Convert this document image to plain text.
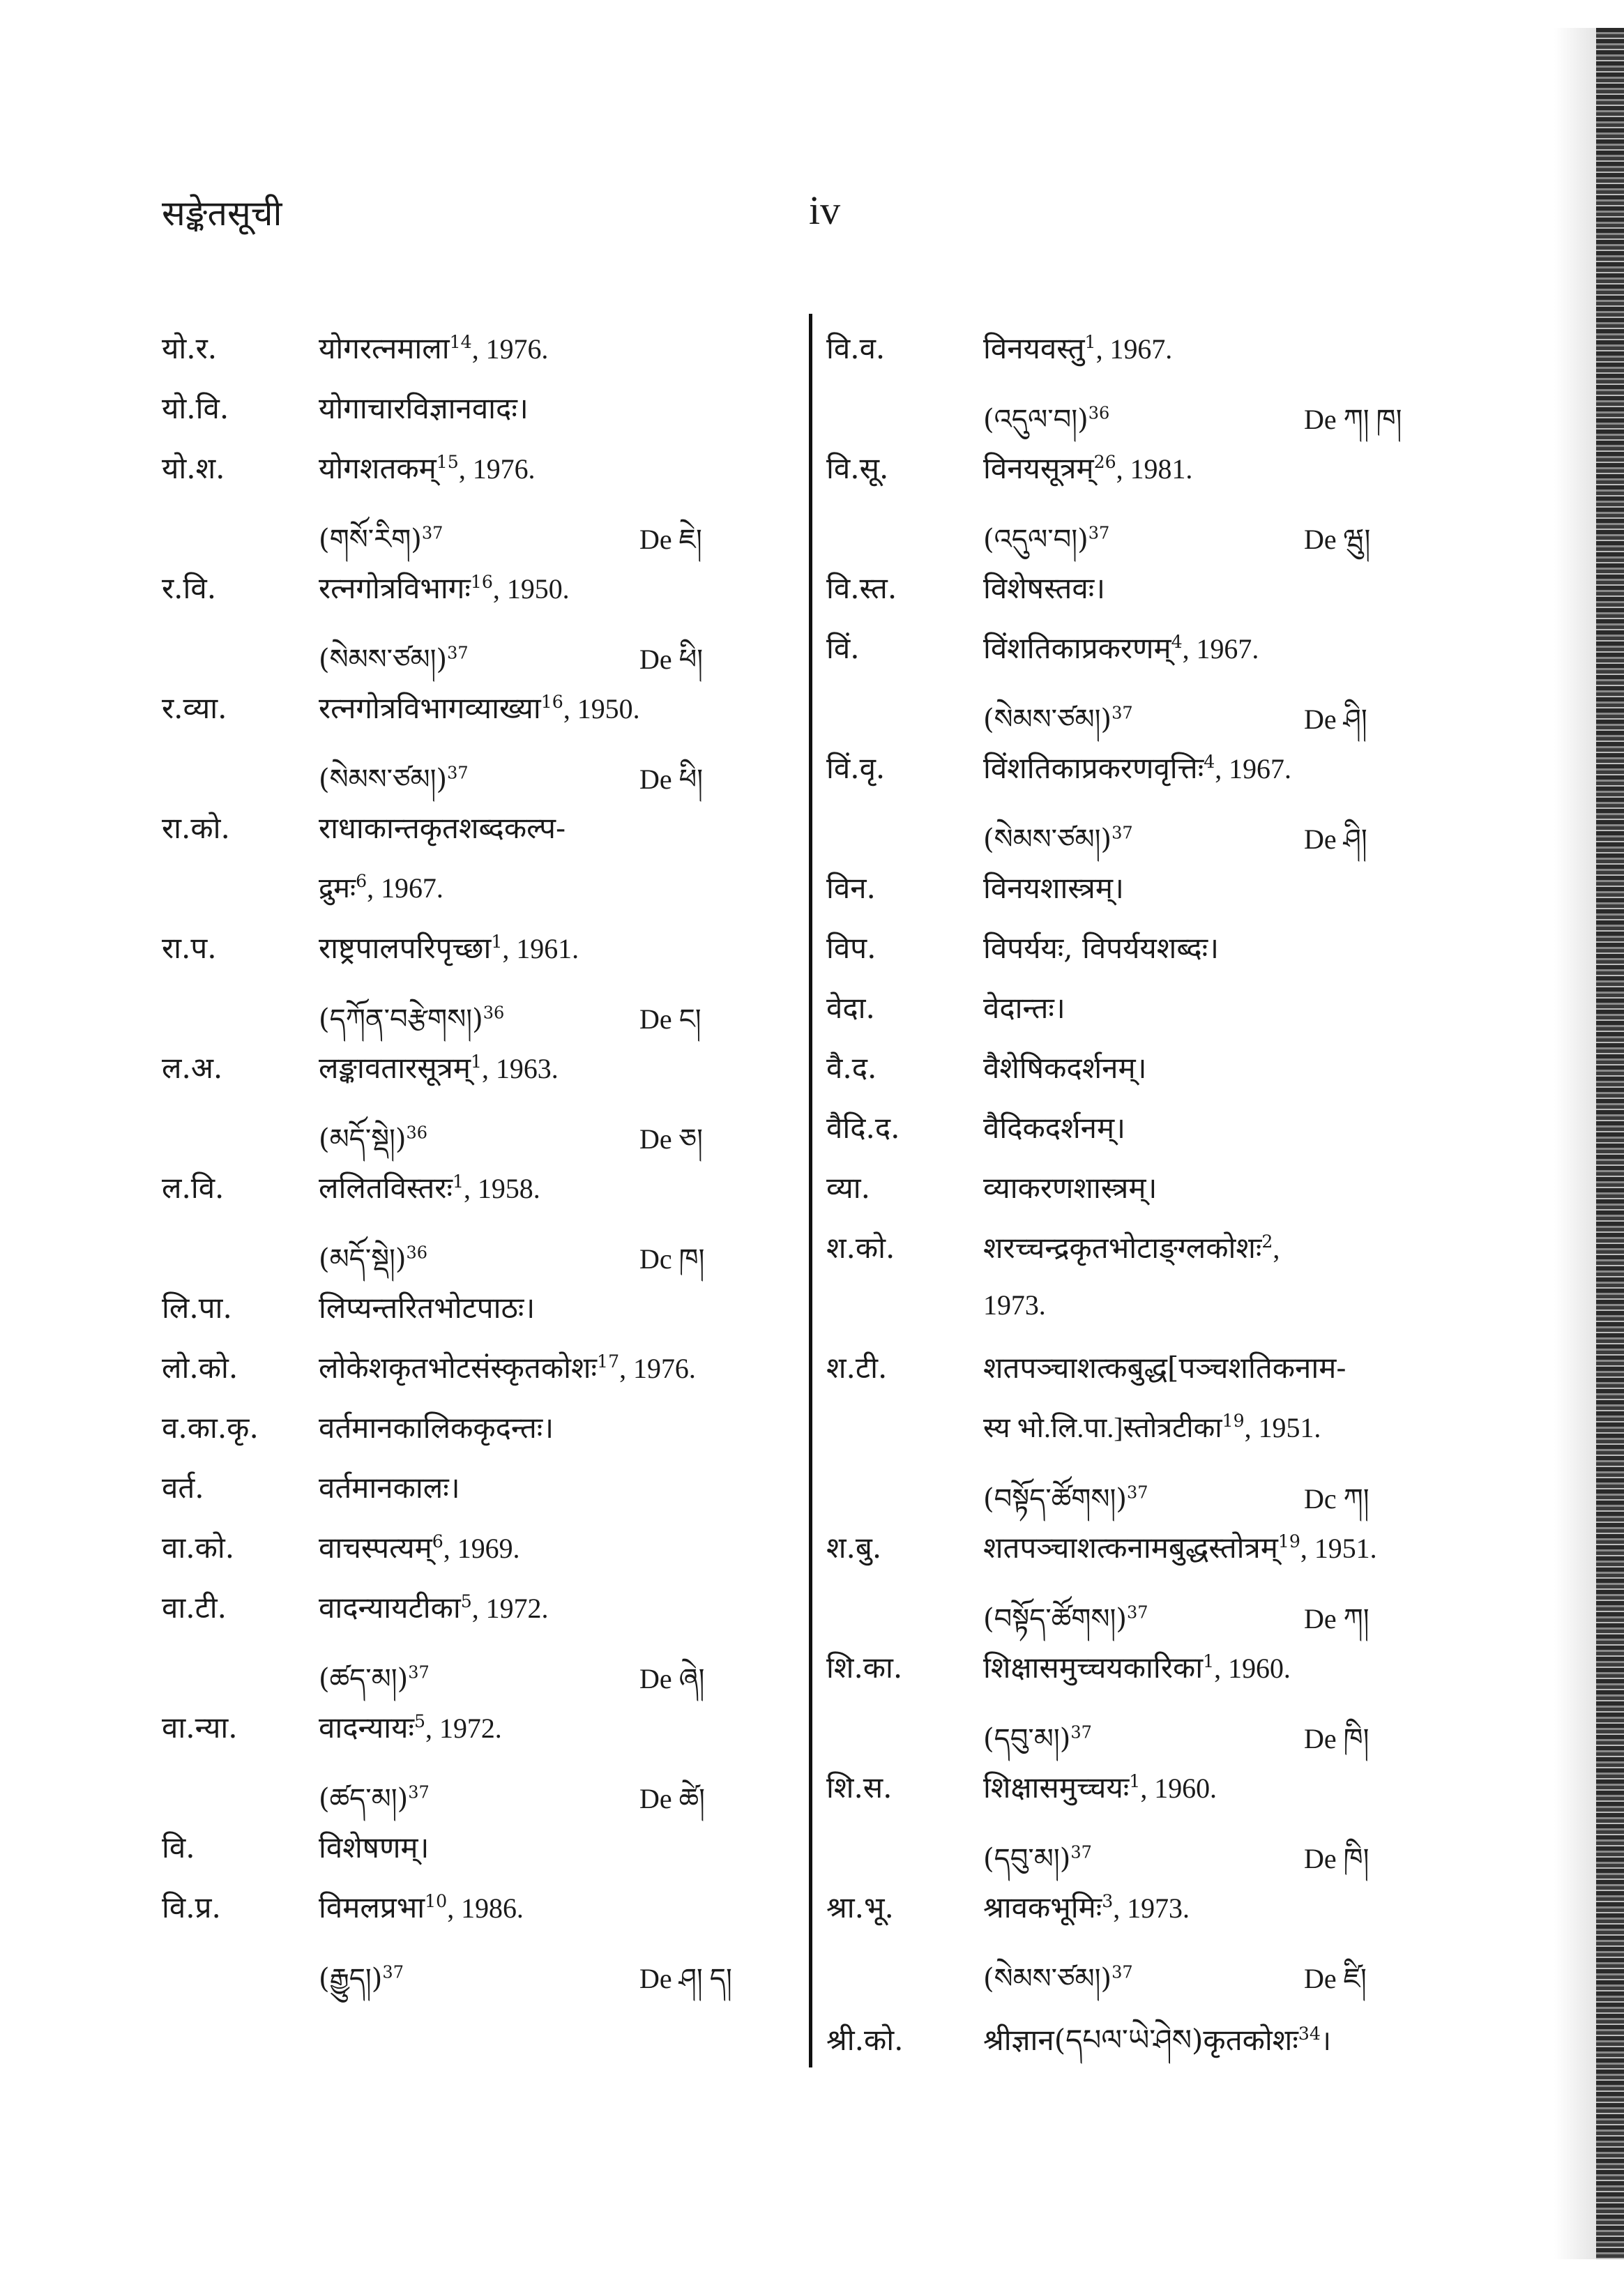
सङ्केतसूची	iv
यो.र.	योगरत्नमाला$^{14}$, 1976.
यो.वि.	योगाचारविज्ञानवादः।
यो.श.	योगशतकम्$^{15}$, 1976.
(གསོ་རིག)$^{37}$	De ཇེ།
र.वि.	रत्नगोत्रविभागः$^{16}$, 1950.
(སེམས་ཙམ།)$^{37}$	De ཕི།
र.व्या.	रत्नगोत्रविभागव्याख्या$^{16}$, 1950.
(སེམས་ཙམ།)$^{37}$	De ཕི།
रा.को.	राधाकान्तकृतशब्दकल्प-
द्रुमः$^6$, 1967.
रा.प.	राष्ट्रपालपरिपृच्छा$^1$, 1961.
(དཀོན་བརྩེགས།)$^{36}$	De ང།
ल.अ.	लङ्कावतारसूत्रम्$^1$, 1963.
(མདོ་སྡེ།)$^{36}$	De ཅ།
ल.वि.	ललितविस्तरः$^1$, 1958.
(མདོ་སྡེ།)$^{36}$	Dc ཁ།
लि.पा.	लिप्यन्तरितभोटपाठः।
लो.को.	लोकेशकृतभोटसंस्कृतकोशः$^{17}$, 1976.
व.का.कृ.	वर्तमानकालिककृदन्तः।
वर्त.	वर्तमानकालः।
वा.को.	वाचस्पत्यम्$^6$, 1969.
वा.टी.	वादन्यायटीका$^5$, 1972.
(ཚད་མ།)$^{37}$	De ཞེ།
वा.न्या.	वादन्यायः$^5$, 1972.
(ཚད་མ།)$^{37}$	De ཚེ།
वि.	विशेषणम्।
वि.प्र.	विमलप्रभा$^{10}$, 1986.
(རྒྱུད།)$^{37}$	De ཤ། ད།
वि.व.	विनयवस्तु$^1$, 1967.
(འདུལ་བ།)$^{36}$	De ཀ། ཁ།
वि.सू.	विनयसूत्रम्$^{26}$, 1981.
(འདུལ་བ།)$^{37}$	De ཝུ།
वि.स्त.	विशेषस्तवः।
विं.	विंशतिकाप्रकरणम्$^4$, 1967.
(སེམས་ཙམ།)$^{37}$	De ཤི།
विं.वृ.	विंशतिकाप्रकरणवृत्तिः$^4$, 1967.
(སེམས་ཙམ།)$^{37}$	De ཤི།
विन.	विनयशास्त्रम्।
विप.	विपर्ययः, विपर्ययशब्दः।
वेदा.	वेदान्तः।
वै.द.	वैशेषिकदर्शनम्।
वैदि.द.	वैदिकदर्शनम्।
व्या.	व्याकरणशास्त्रम्।
श.को.	शरच्चन्द्रकृतभोटाङ्ग्लकोशः$^2$,
1973.
श.टी.	शतपञ्चाशत्कबुद्ध[पञ्चशतिकनाम-
स्य भो.लि.पा.]स्तोत्रटीका$^{19}$, 1951.
(བསྟོད་ཚོགས།)$^{37}$	Dc ཀ།
श.बु.	शतपञ्चाशत्कनामबुद्धस्तोत्रम्$^{19}$, 1951.
(བསྟོད་ཚོགས།)$^{37}$	De ཀ།
शि.का.	शिक्षासमुच्चयकारिका$^1$, 1960.
(དབུ་མ།)$^{37}$	De ཁི།
शि.स.	शिक्षासमुच्चयः$^1$, 1960.
(དབུ་མ།)$^{37}$	De ཁི།
श्रा.भू.	श्रावकभूमिः$^3$, 1973.
(སེམས་ཙམ།)$^{37}$	De ཛི།
श्री.को.	श्रीज्ञान(དཔལ་ཡེ་ཤེས)कृतकोशः$^{34}$।
